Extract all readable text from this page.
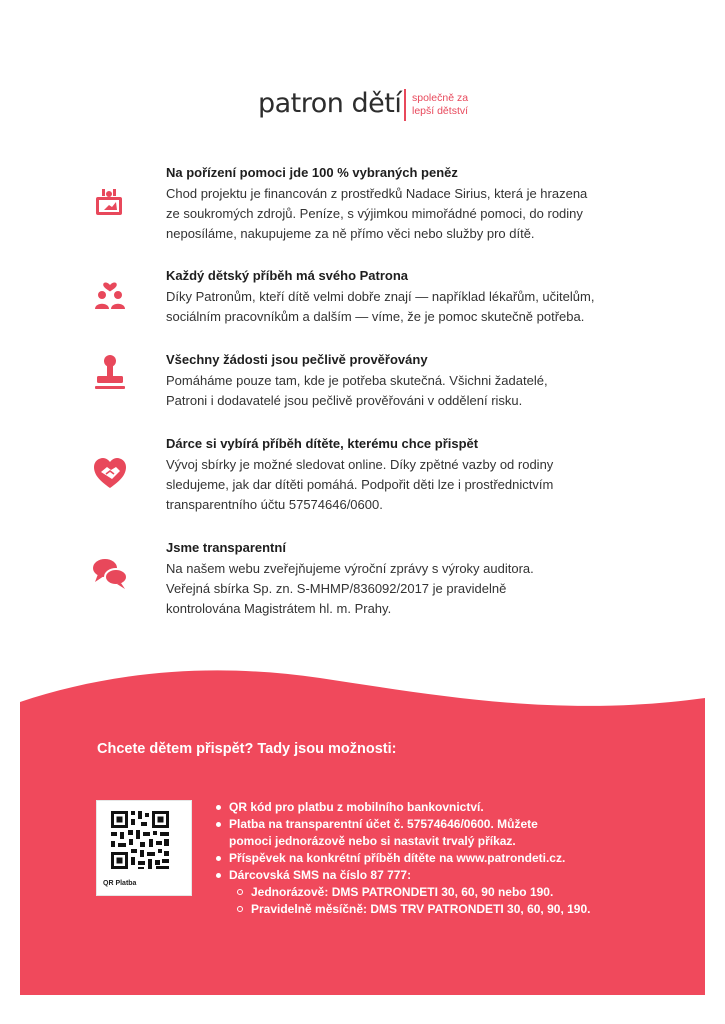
patron dětí společně za
lepší dětství
Na pořízení pomoci jde 100 % vybraných peněz
Chod projektu je financován z prostředků Nadace Sirius, která je hrazena
ze soukromých zdrojů. Peníze, s výjimkou mimořádné pomoci, do rodiny
neposíláme, nakupujeme za ně přímo věci nebo služby pro dítě.
Každý dětský příběh má svého Patrona
Díky Patronům, kteří dítě velmi dobře znají — například lékařům, učitelům,
sociálním pracovníkům a dalším — víme, že je pomoc skutečně potřeba.
Všechny žádosti jsou pečlivě prověřovány
Pomáháme pouze tam, kde je potřeba skutečná. Všichni žadatelé,
Patroni i dodavatelé jsou pečlivě prověřováni v oddělení risku.
Dárce si vybírá příběh dítěte, kterému chce přispět
Vývoj sbírky je možné sledovat online. Díky zpětné vazby od rodiny
sledujeme, jak dar dítěti pomáhá. Podpořit děti lze i prostřednictvím
transparentního účtu 57574646/0600.
Jsme transparentní
Na našem webu zveřejňujeme výroční zprávy s výroky auditora.
Veřejná sbírka Sp. zn. S-MHMP/836092/2017 je pravidelně
kontrolována Magistrátem hl. m. Prahy.
Chcete dětem přispět? Tady jsou možnosti:
QR Platba
QR kód pro platbu z mobilního bankovnictví.
Platba na transparentní účet č. 57574646/0600. Můžete
pomoci jednorázově nebo si nastavit trvalý příkaz.
Příspěvek na konkrétní příběh dítěte na www.patrondeti.cz.
Dárcovská SMS na číslo 87 777:
Jednorázově: DMS PATRONDETI 30, 60, 90 nebo 190.
Pravidelně měsíčně: DMS TRV PATRONDETI 30, 60, 90, 190.
